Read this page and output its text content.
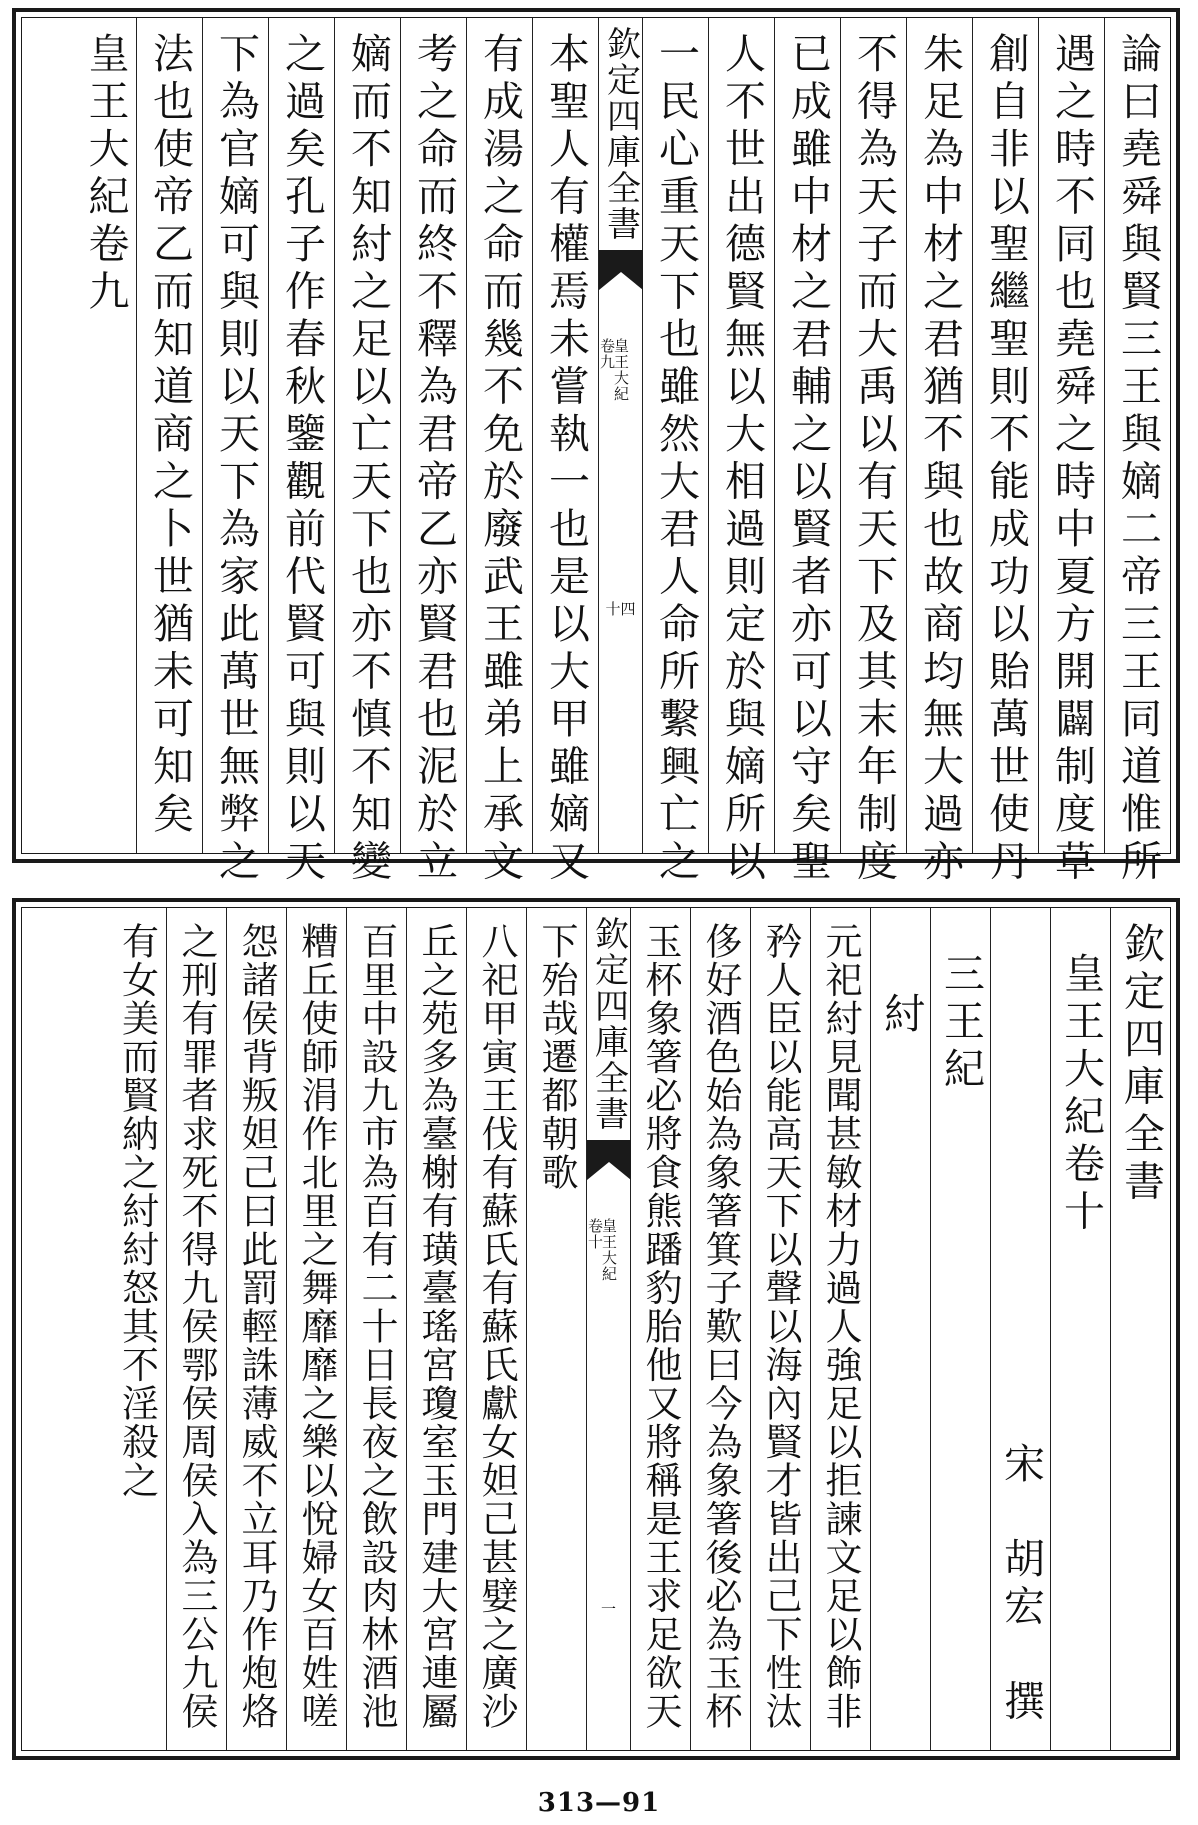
論曰堯舜與賢三王與嫡二帝三王同道惟所
遇之時不同也堯舜之時中夏方開闢制度草
創自非以聖繼聖則不能成功以貽萬世使丹
朱足為中材之君猶不與也故商均無大過亦
不得為天子而大禹以有天下及其末年制度
已成雖中材之君輔之以賢者亦可以守矣聖
人不世出德賢無以大相過則定於與嫡所以
一民心重天下也雖然大君人命所繫興亡之
欽定四庫全書
皇王大紀
卷九
十四
本聖人有權焉未嘗執一也是以大甲雖嫡又
有成湯之命而幾不免於廢武王雖弟上承文
考之命而終不釋為君帝乙亦賢君也泥於立
嫡而不知紂之足以亡天下也亦不慎不知變
之過矣孔子作春秋鑒觀前代賢可與則以天
下為官嫡可與則以天下為家此萬世無弊之
法也使帝乙而知道商之卜世猶未可知矣
皇王大紀卷九
欽定四庫全書
皇王大紀卷十
宋　胡宏　撰
三王紀
紂
元祀紂見聞甚敏材力過人強足以拒諫文足以飾非
矜人臣以能高天下以聲以海內賢才皆出己下性汰
侈好酒色始為象箸箕子歎曰今為象箸後必為玉杯
玉杯象箸必將食熊蹯豹胎他又將稱是王求足欲天
欽定四庫全書
皇王大紀
卷十
一
下殆哉遷都朝歌
八祀甲寅王伐有蘇氏有蘇氏獻女妲己甚嬖之廣沙
丘之苑多為臺榭有璜臺瑤宮瓊室玉門建大宮連屬
百里中設九市為百有二十日長夜之飲設肉林酒池
糟丘使師涓作北里之舞靡靡之樂以悅婦女百姓嗟
怨諸侯背叛妲己曰此罰輕誅薄威不立耳乃作炮烙
之刑有罪者求死不得九侯鄂侯周侯入為三公九侯
有女美而賢納之紂紂怒其不淫殺之
313—91
